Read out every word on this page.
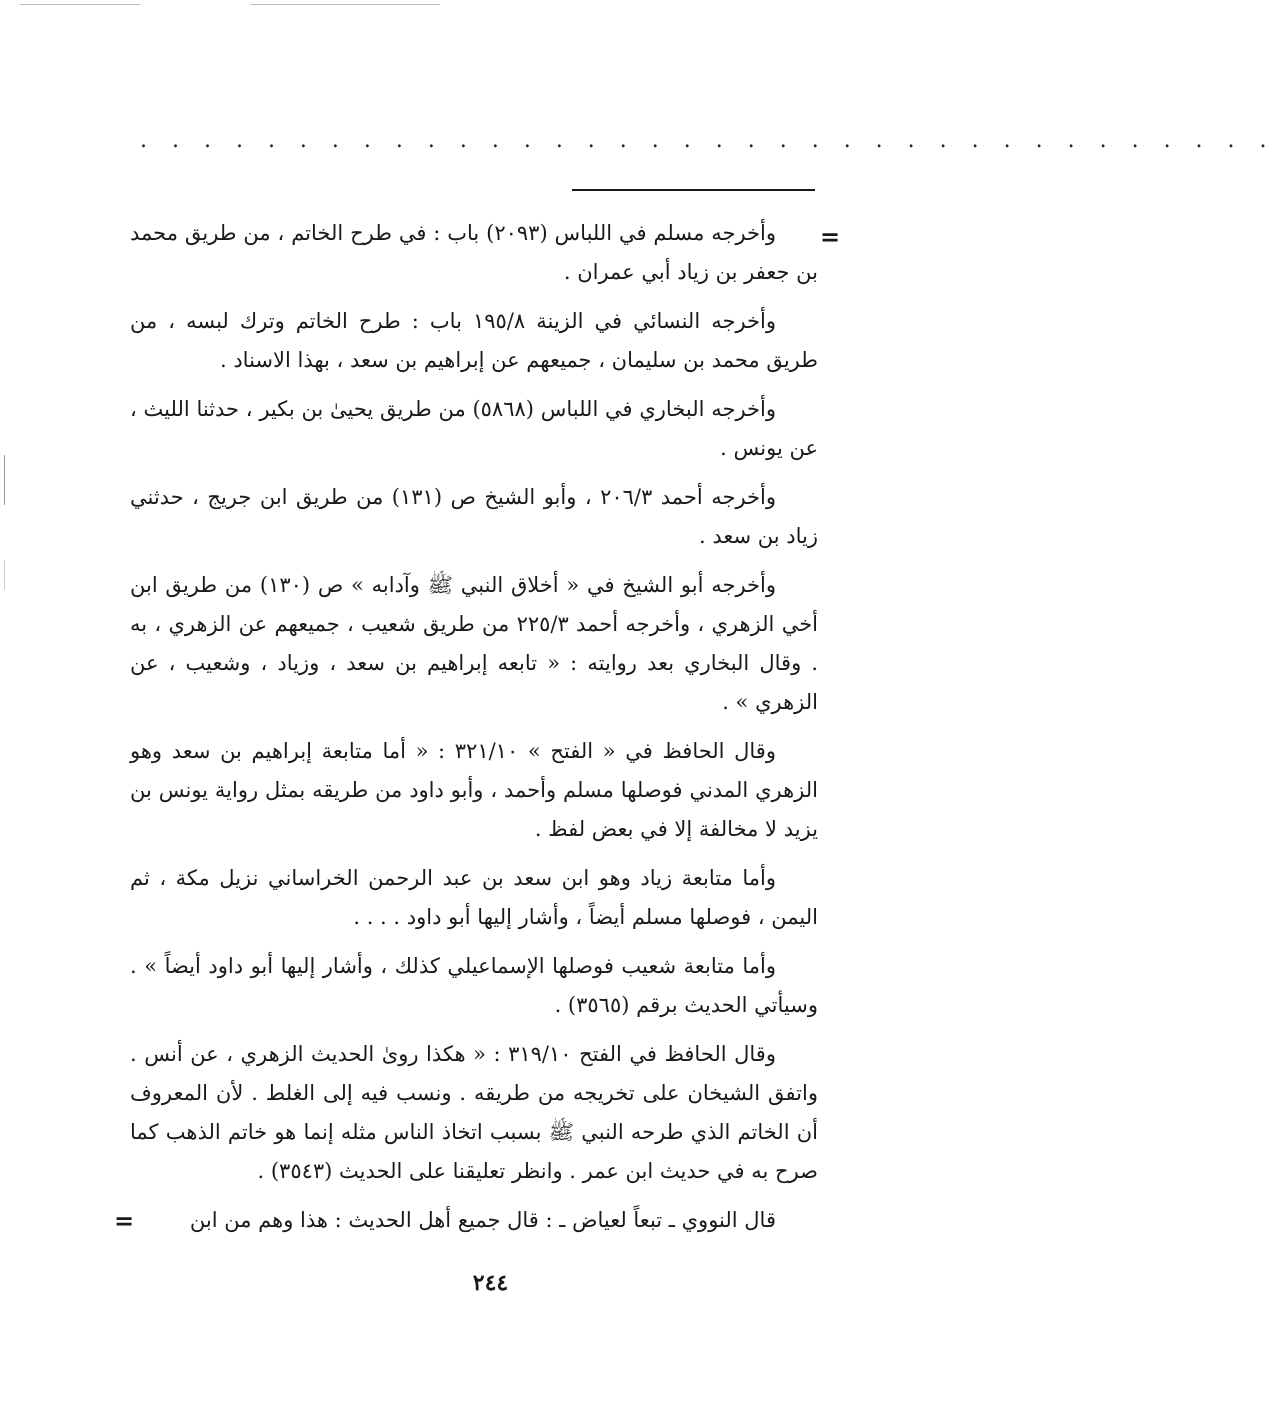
. . . . . . . . . . . . . . . . . . . . . . . . . . . . . . . . . . . .
=

وأخرجه مسلم في اللباس (٢٠٩٣) باب : في طرح الخاتم ، من طريق محمد بن جعفر بن زياد أبي عمران .

وأخرجه النسائي في الزينة ١٩٥/٨ باب : طرح الخاتم وترك لبسه ، من طريق محمد بن سليمان ، جميعهم عن إبراهيم بن سعد ، بهذا الاسناد .

وأخرجه البخاري في اللباس (٥٨٦٨) من طريق يحيىٰ بن بكير ، حدثنا الليث ، عن يونس .

وأخرجه أحمد ٢٠٦/٣ ، وأبو الشيخ ص (١٣١) من طريق ابن جريج ، حدثني زياد بن سعد .

وأخرجه أبو الشيخ في « أخلاق النبي ﷺ وآدابه » ص (١٣٠) من طريق ابن أخي الزهري ، وأخرجه أحمد ٢٢٥/٣ من طريق شعيب ، جميعهم عن الزهري ، به . وقال البخاري بعد روايته : « تابعه إبراهيم بن سعد ، وزياد ، وشعيب ، عن الزهري » .

وقال الحافظ في « الفتح » ٣٢١/١٠ : « أما متابعة إبراهيم بن سعد وهو الزهري المدني فوصلها مسلم وأحمد ، وأبو داود من طريقه بمثل رواية يونس بن يزيد لا مخالفة إلا في بعض لفظ .

وأما متابعة زياد وهو ابن سعد بن عبد الرحمن الخراساني نزيل مكة ، ثم اليمن ، فوصلها مسلم أيضاً ، وأشار إليها أبو داود . . . .

وأما متابعة شعيب فوصلها الإسماعيلي كذلك ، وأشار إليها أبو داود أيضاً » . وسيأتي الحديث برقم (٣٥٦٥) .

وقال الحافظ في الفتح ٣١٩/١٠ : « هكذا روىٰ الحديث الزهري ، عن أنس . واتفق الشيخان على تخريجه من طريقه . ونسب فيه إلى الغلط . لأن المعروف أن الخاتم الذي طرحه النبي ﷺ بسبب اتخاذ الناس مثله إنما هو خاتم الذهب كما صرح به في حديث ابن عمر . وانظر تعليقنا على الحديث (٣٥٤٣) .

قال النووي ـ تبعاً لعياض ـ : قال جميع أهل الحديث : هذا وهم من ابن

=
٢٤٤
